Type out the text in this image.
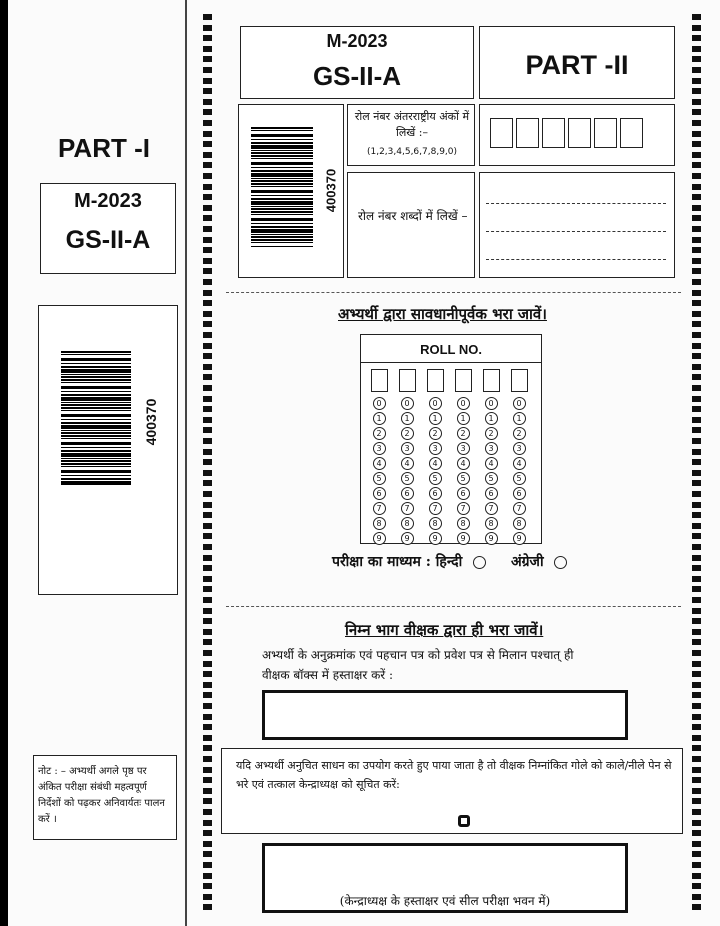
PART -I
M-2023
GS-II-A
400370
नोट : – अभ्यर्थी अगले पृष्ठ पर अंकित परीक्षा संबंधी महत्वपूर्ण निर्देशों को पढ़कर अनिवार्यतः पालन करें ।
M-2023
GS-II-A	PART -II
400370
रोल नंबर अंतरराष्ट्रीय अंकों में लिखें :–
(1,2,3,4,5,6,7,8,9,0)
रोल नंबर शब्दों में लिखें –
अभ्यर्थी द्वारा सावधानीपूर्वक भरा जावें।
ROLL NO.
0
1
2
3
4
5
6
7
8
9
0
1
2
3
4
5
6
7
8
9
0
1
2
3
4
5
6
7
8
9
0
1
2
3
4
5
6
7
8
9
0
1
2
3
4
5
6
7
8
9
0
1
2
3
4
5
6
7
8
9
परीक्षा का माध्यम : हिन्दी	अंग्रेजी
निम्न भाग वीक्षक द्वारा ही भरा जावें।
अभ्यर्थी के अनुक्रमांक एवं पहचान पत्र को प्रवेश पत्र से मिलान पश्चात् ही वीक्षक बॉक्स में हस्ताक्षर करें :
यदि अभ्यर्थी अनुचित साधन का उपयोग करते हुए पाया जाता है तो वीक्षक निम्नांकित गोले को काले/नीले पेन से भरे एवं तत्काल केन्द्राध्यक्ष को सूचित करें:
(केन्द्राध्यक्ष के हस्ताक्षर एवं सील परीक्षा भवन में)
